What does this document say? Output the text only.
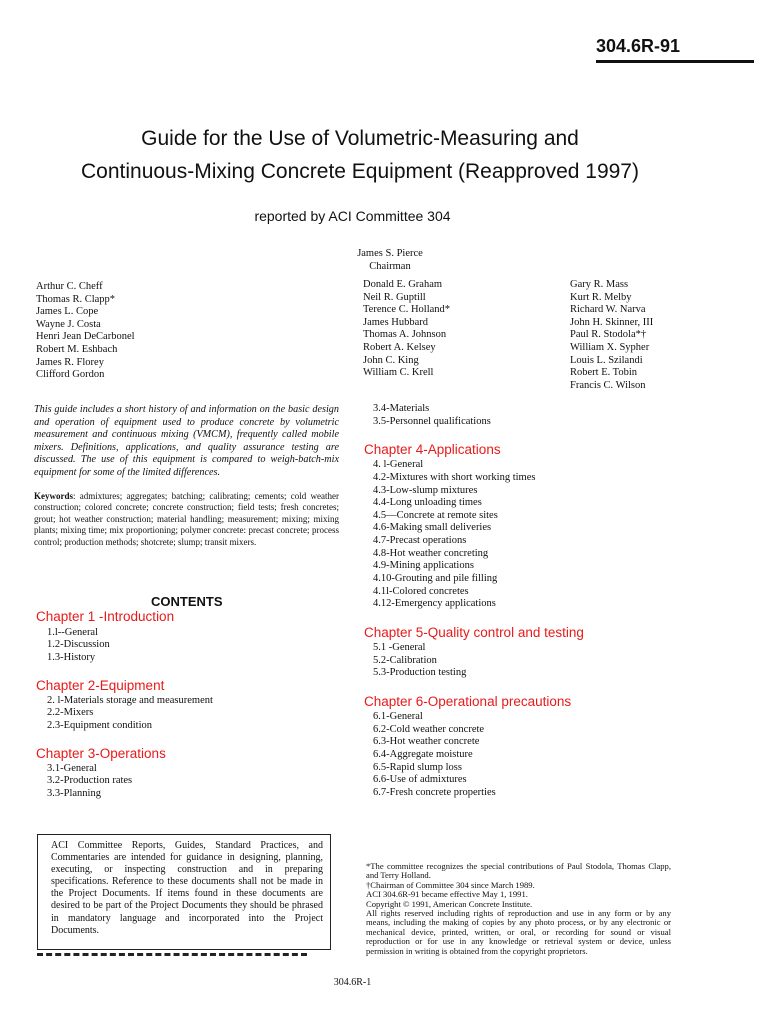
304.6R-91
Guide for the Use of Volumetric-Measuring and
Continuous-Mixing Concrete Equipment (Reapproved 1997)
reported by ACI Committee 304
James S. Pierce
Chairman
Arthur C. Cheff
Thomas R. Clapp*
James L. Cope
Wayne J. Costa
Henri Jean DeCarbonel
Robert M. Eshbach
James R. Florey
Clifford Gordon
Donald E. Graham
Neil R. Guptill
Terence C. Holland*
James Hubbard
Thomas A. Johnson
Robert A. Kelsey
John C. King
William C. Krell
Gary R. Mass
Kurt R. Melby
Richard W. Narva
John H. Skinner, III
Paul R. Stodola*†
William X. Sypher
Louis L. Szilandi
Robert E. Tobin
Francis C. Wilson
This guide includes a short history of and information on the basic design and operation of equipment used to produce concrete by volumetric measurement and continuous mixing (VMCM), frequently called mobile mixers. Definitions, applications, and quality assurance testing are discussed. The use of this equipment is compared to weigh-batch-mix equipment for some of the limited differences.
Keywords: admixtures; aggregates; batching; calibrating; cements; cold weather construction; colored concrete; concrete construction; field tests; fresh concretes; grout; hot weather construction; material handling; measurement; mixing; mixing plants; mixing time; mix proportioning; polymer concrete: precast concrete; process control; production methods; shotcrete; slump; transit mixers.
CONTENTS
Chapter 1 -Introduction
1.l--General
1.2-Discussion
1.3-History
Chapter 2-Equipment
2. l-Materials storage and measurement
2.2-Mixers
2.3-Equipment condition
Chapter 3-Operations
3.1-General
3.2-Production rates
3.3-Planning
3.4-Materials
3.5-Personnel qualifications
Chapter 4-Applications
4. l-General
4.2-Mixtures with short working times
4.3-Low-slump mixtures
4.4-Long unloading times
4.5—Concrete at remote sites
4.6-Making small deliveries
4.7-Precast operations
4.8-Hot weather concreting
4.9-Mining applications
4.10-Grouting and pile filling
4.1l-Colored concretes
4.12-Emergency applications
Chapter 5-Quality control and testing
5.1 -General
5.2-Calibration
5.3-Production testing
Chapter 6-Operational precautions
6.1-General
6.2-Cold weather concrete
6.3-Hot weather concrete
6.4-Aggregate moisture
6.5-Rapid slump loss
6.6-Use of admixtures
6.7-Fresh concrete properties
ACI Committee Reports, Guides, Standard Practices, and Commentaries are intended for guidance in designing, planning, executing, or inspecting construction and in preparing specifications. Reference to these documents shall not be made in the Project Documents. If items found in these documents are desired to be part of the Project Documents they should be phrased in mandatory language and incorporated into the Project Documents.
*The committee recognizes the special contributions of Paul Stodola, Thomas Clapp, and Terry Holland.
†Chairman of Committee 304 since March 1989.
ACI 304.6R-91 became effective May 1, 1991.
Copyright © 1991, American Concrete Institute.
All rights reserved including rights of reproduction and use in any form or by any means, including the making of copies by any photo process, or by any electronic or mechanical device, printed, written, or oral, or recording for sound or visual reproduction or for use in any knowledge or retrieval system or device, unless permission in writing is obtained from the copyright proprietors.
304.6R-1
